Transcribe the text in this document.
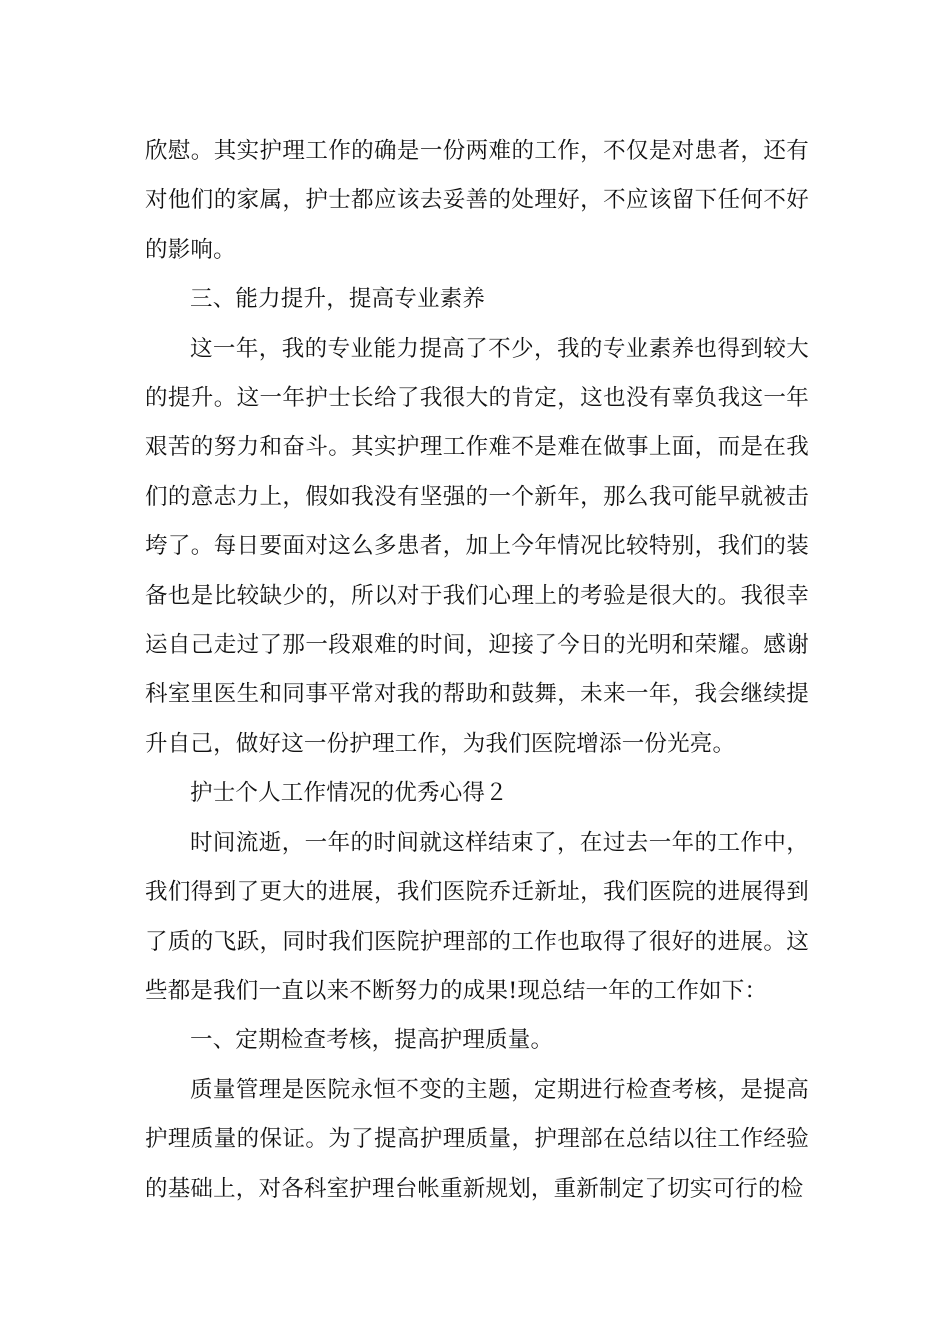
欣慰。其实护理工作的确是一份两难的工作，不仅是对患者，还有对他们的家属，护士都应该去妥善的处理好，不应该留下任何不好的影响。

三、能力提升，提高专业素养

这一年，我的专业能力提高了不少，我的专业素养也得到较大的提升。这一年护士长给了我很大的肯定，这也没有辜负我这一年艰苦的努力和奋斗。其实护理工作难不是难在做事上面，而是在我们的意志力上，假如我没有坚强的一个新年，那么我可能早就被击垮了。每日要面对这么多患者，加上今年情况比较特别，我们的装备也是比较缺少的，所以对于我们心理上的考验是很大的。我很幸运自己走过了那一段艰难的时间，迎接了今日的光明和荣耀。感谢科室里医生和同事平常对我的帮助和鼓舞，未来一年，我会继续提升自己，做好这一份护理工作，为我们医院增添一份光亮。

护士个人工作情况的优秀心得２

时间流逝，一年的时间就这样结束了，在过去一年的工作中，我们得到了更大的进展，我们医院乔迁新址，我们医院的进展得到了质的飞跃，同时我们医院护理部的工作也取得了很好的进展。这些都是我们一直以来不断努力的成果!现总结一年的工作如下：

一、定期检查考核，提高护理质量。

质量管理是医院永恒不变的主题，定期进行检查考核，是提高护理质量的保证。为了提高护理质量，护理部在总结以往工作经验的基础上，对各科室护理台帐重新规划，重新制定了切实可行的检
